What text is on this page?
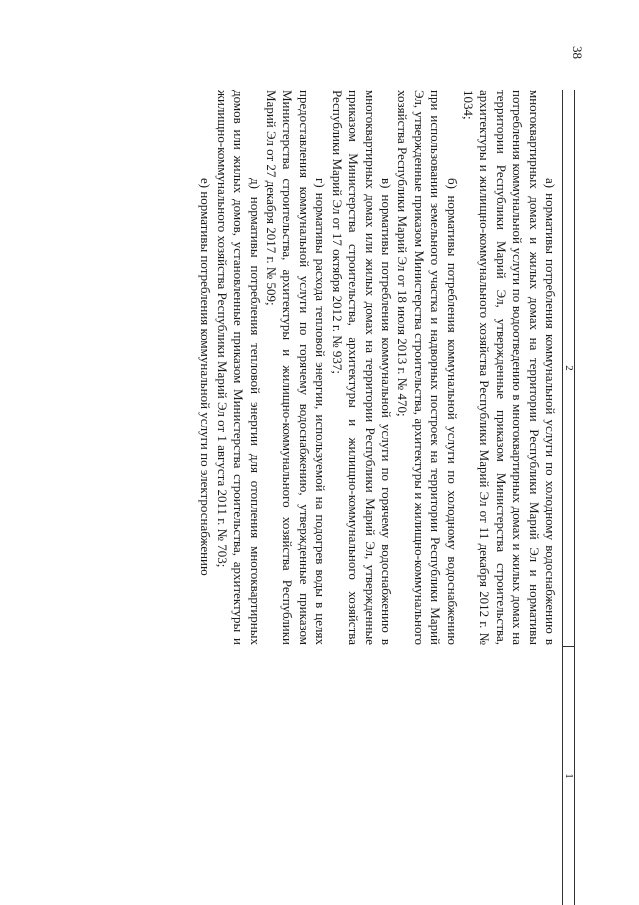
38
2
1

а) нормативы потребления коммунальной услуги по холодному водоснабжению в многоквартирных домах и жилых домах на территории Республики Марий Эл и нормативы потребления коммунальной услуги по водоотведению в многоквартирных домах и жилых домах на территории Республики Марий Эл, утвержденные приказом Министерства строительства, архитектуры и жилищно-коммунального хозяйства Республики Марий Эл от 11 декабря 2012 г. № 1034;

б) нормативы потребления коммунальной услуги по холодному водоснабжению при использовании земельного участка и надворных построек на территории Республики Марий Эл, утвержденные приказом Министерства строительства, архитектуры и жилищно-коммунального хозяйства Республики Марий Эл от 18 июля 2013 г. № 470;

в) нормативы потребления коммунальной услуги по горячему водоснабжению в многоквартирных домах или жилых домах на территории Республики Марий Эл, утвержденные приказом Министерства строительства, архитектуры и жилищно-коммунального хозяйства Республики Марий Эл от 17 октября 2012 г. № 937;

г) нормативы расхода тепловой энергии, используемой на подогрев воды в целях предоставления коммунальной услуги по горячему водоснабжению, утвержденные приказом Министерства строительства, архитектуры и жилищно-коммунального хозяйства Республики Марий Эл от 27 декабря 2017 г. № 509;

д) нормативы потребления тепловой энергии для отопления многоквартирных домов или жилых домов, установленные приказом Министерства строительства, архитектуры и жилищно-коммунального хозяйства Республики Марий Эл от 1 августа 2011 г. № 703;

е) нормативы потребления коммунальной услуги по электроснабжению
